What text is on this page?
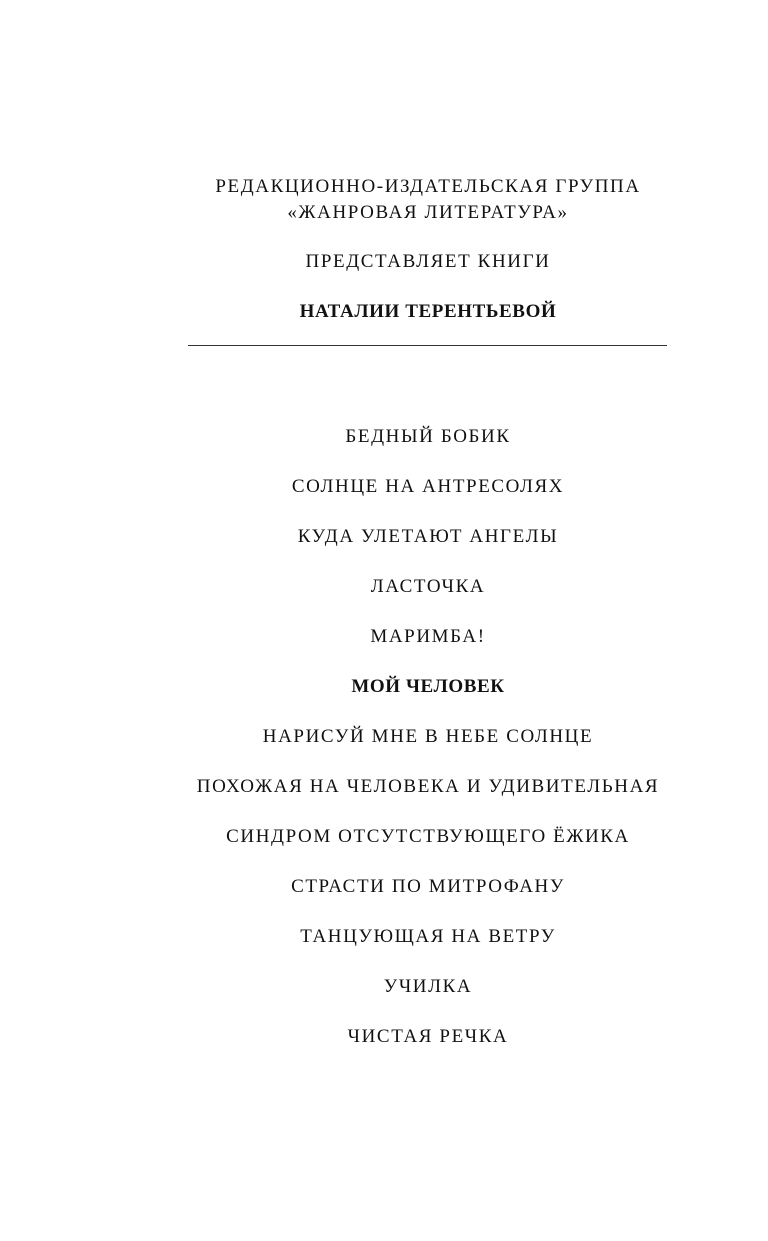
РЕДАКЦИОННО-ИЗДАТЕЛЬСКАЯ ГРУППА
«ЖАНРОВАЯ ЛИТЕРАТУРА»
ПРЕДСТАВЛЯЕТ КНИГИ
НАТАЛИИ ТЕРЕНТЬЕВОЙ
БЕДНЫЙ БОБИК
СОЛНЦЕ НА АНТРЕСОЛЯХ
КУДА УЛЕТАЮТ АНГЕЛЫ
ЛАСТОЧКА
МАРИМБА!
МОЙ ЧЕЛОВЕК
НАРИСУЙ МНЕ В НЕБЕ СОЛНЦЕ
ПОХОЖАЯ НА ЧЕЛОВЕКА И УДИВИТЕЛЬНАЯ
СИНДРОМ ОТСУТСТВУЮЩЕГО ЁЖИКА
СТРАСТИ ПО МИТРОФАНУ
ТАНЦУЮЩАЯ НА ВЕТРУ
УЧИЛКА
ЧИСТАЯ РЕЧКА
